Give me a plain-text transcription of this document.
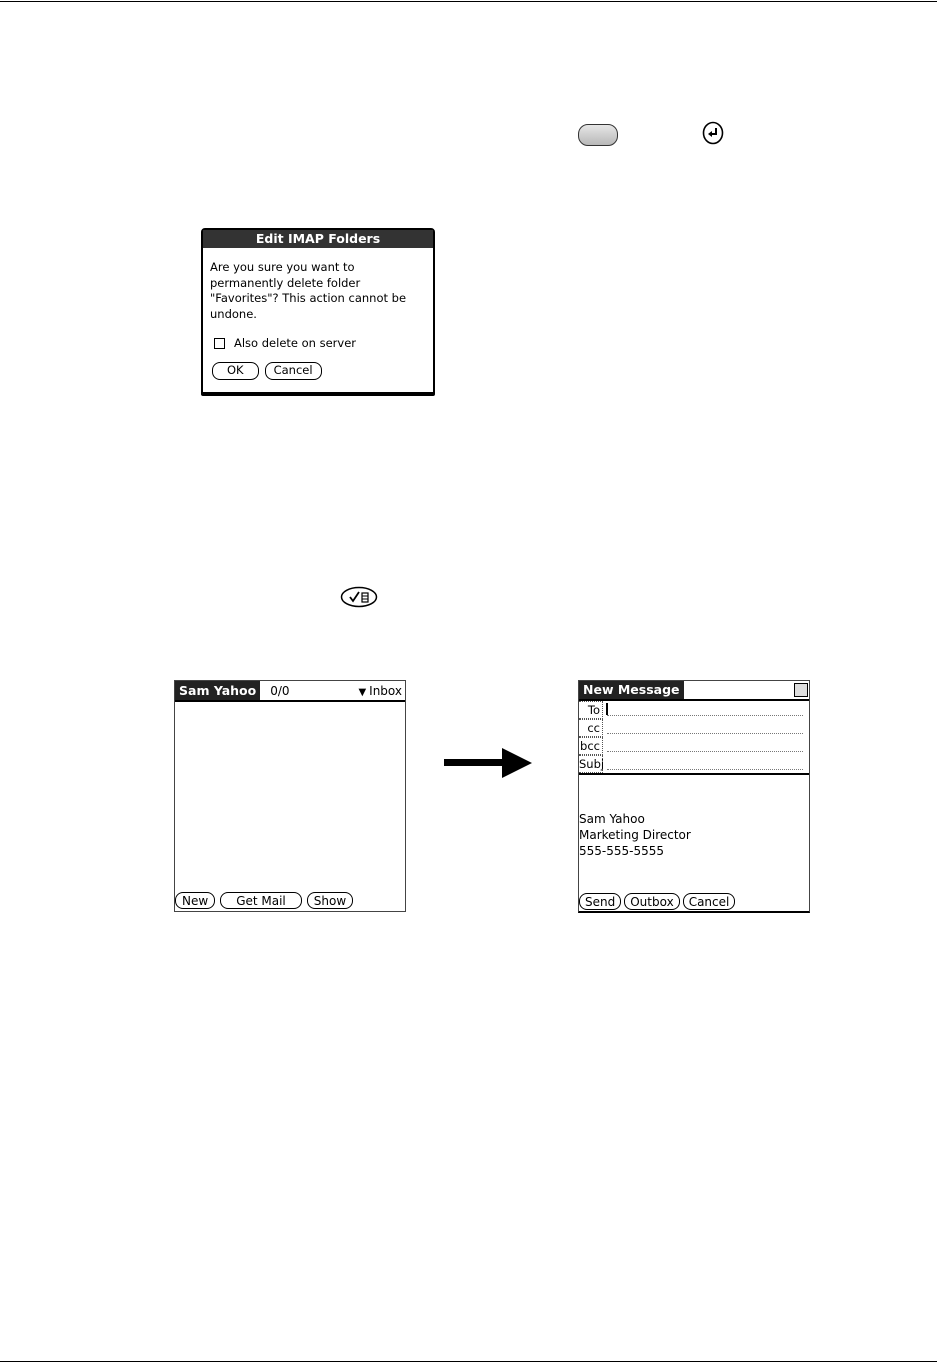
Edit IMAP Folders

Are you sure you want to

permanently delete folder

"Favorites"? This action cannot be

undone.

Also delete on server
OK	Cancel
Sam Yahoo	0/0	▼ Inbox
New	Get Mail	Show
New Message
To
cc
bcc
Subj
Sam Yahoo
Marketing Director
555-555-5555
Send	Outbox	Cancel
